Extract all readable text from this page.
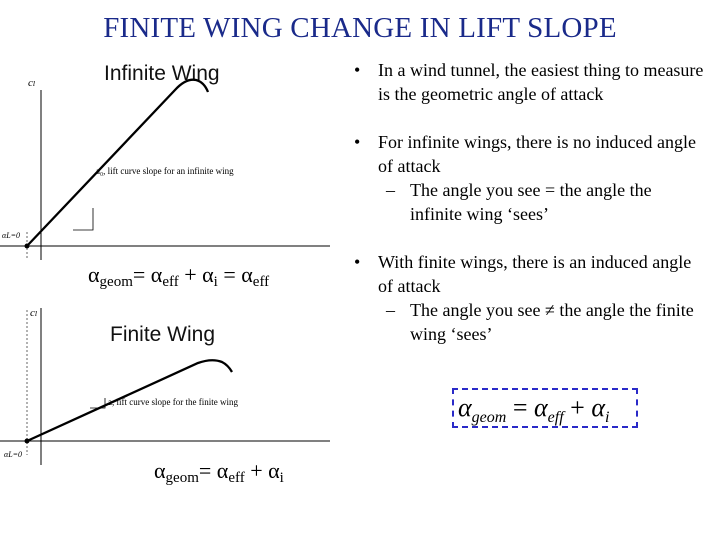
FINITE WING CHANGE IN LIFT SLOPE
Infinite Wing
cₗ
a₀, lift curve slope for an infinite wing
αL=0
$\alpha_{geom}= \alpha_{eff} + \alpha_i = \alpha_{eff}$
cₗ
a, lift curve slope for the finite wing
αL=0
Finite Wing
$\alpha_{geom}= \alpha_{eff} + \alpha_i$
• In a wind tunnel, the easiest thing to measure is the geometric angle of attack
• For infinite wings, there is no induced angle of attack
– The angle you see = the angle the infinite wing ‘sees’
• With finite wings, there is an induced angle of attack
– The angle you see ≠ the angle the finite wing ‘sees’
$\alpha_{geom} = \alpha_{eff} + \alpha_i$
